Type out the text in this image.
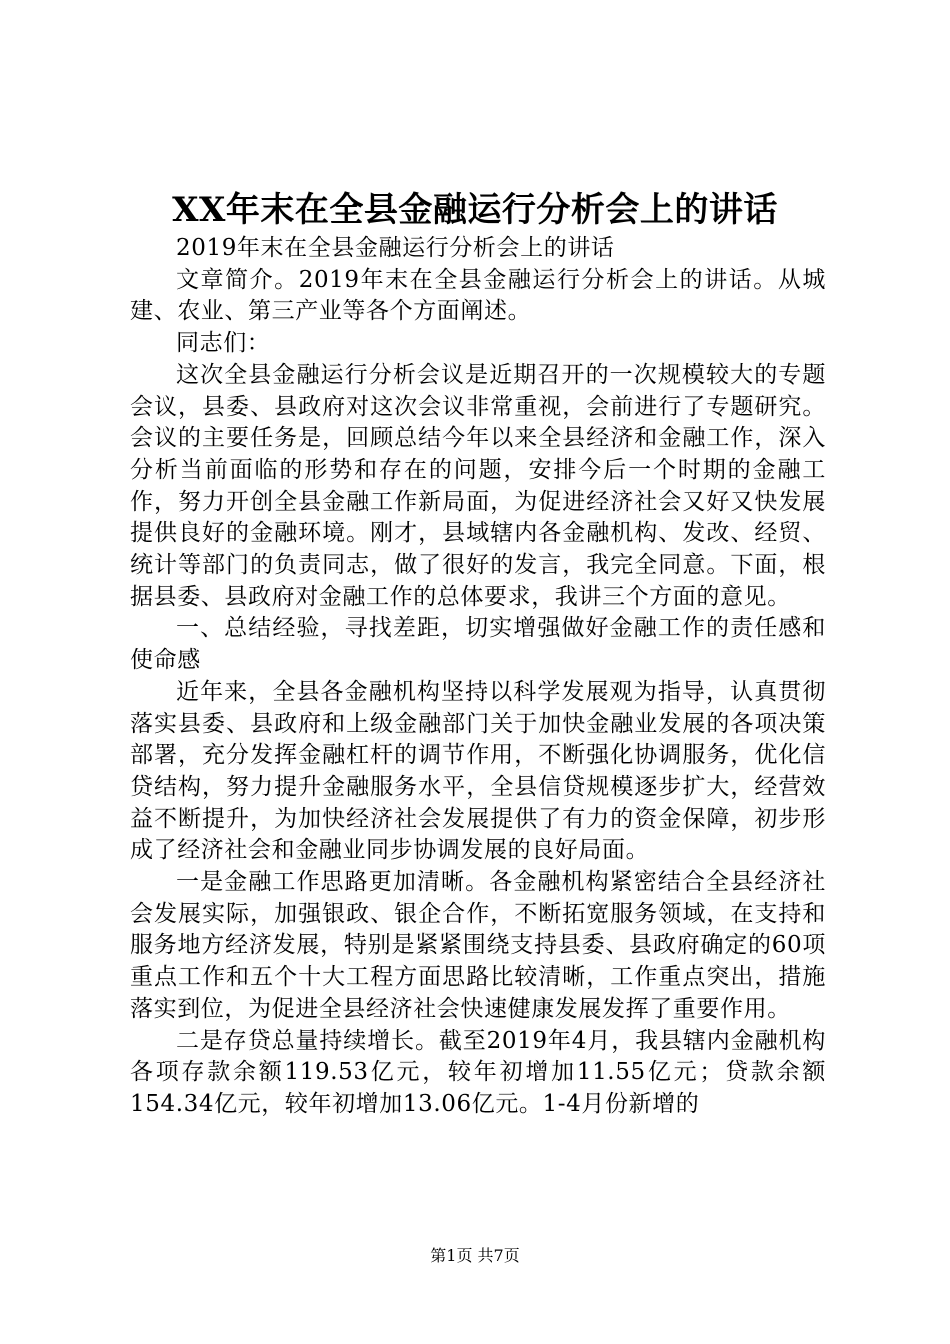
XX年末在全县金融运行分析会上的讲话

2019年末在全县金融运行分析会上的讲话

文章简介。2019年末在全县金融运行分析会上的讲话。从城建、农业、第三产业等各个方面阐述。

同志们：

这次全县金融运行分析会议是近期召开的一次规模较大的专题会议，县委、县政府对这次会议非常重视，会前进行了专题研究。会议的主要任务是，回顾总结今年以来全县经济和金融工作，深入分析当前面临的形势和存在的问题，安排今后一个时期的金融工作，努力开创全县金融工作新局面，为促进经济社会又好又快发展提供良好的金融环境。刚才，县域辖内各金融机构、发改、经贸、统计等部门的负责同志，做了很好的发言，我完全同意。下面，根据县委、县政府对金融工作的总体要求，我讲三个方面的意见。

一、总结经验，寻找差距，切实增强做好金融工作的责任感和使命感

近年来，全县各金融机构坚持以科学发展观为指导，认真贯彻落实县委、县政府和上级金融部门关于加快金融业发展的各项决策部署，充分发挥金融杠杆的调节作用，不断强化协调服务，优化信贷结构，努力提升金融服务水平，全县信贷规模逐步扩大，经营效益不断提升，为加快经济社会发展提供了有力的资金保障，初步形成了经济社会和金融业同步协调发展的良好局面。

一是金融工作思路更加清晰。各金融机构紧密结合全县经济社会发展实际，加强银政、银企合作，不断拓宽服务领域，在支持和服务地方经济发展，特别是紧紧围绕支持县委、县政府确定的60项重点工作和五个十大工程方面思路比较清晰，工作重点突出，措施落实到位，为促进全县经济社会快速健康发展发挥了重要作用。

二是存贷总量持续增长。截至2019年4月，我县辖内金融机构各项存款余额119.53亿元，较年初增加11.55亿元；贷款余额154.34亿元，较年初增加13.06亿元。1-4月份新增的

第1页 共7页
